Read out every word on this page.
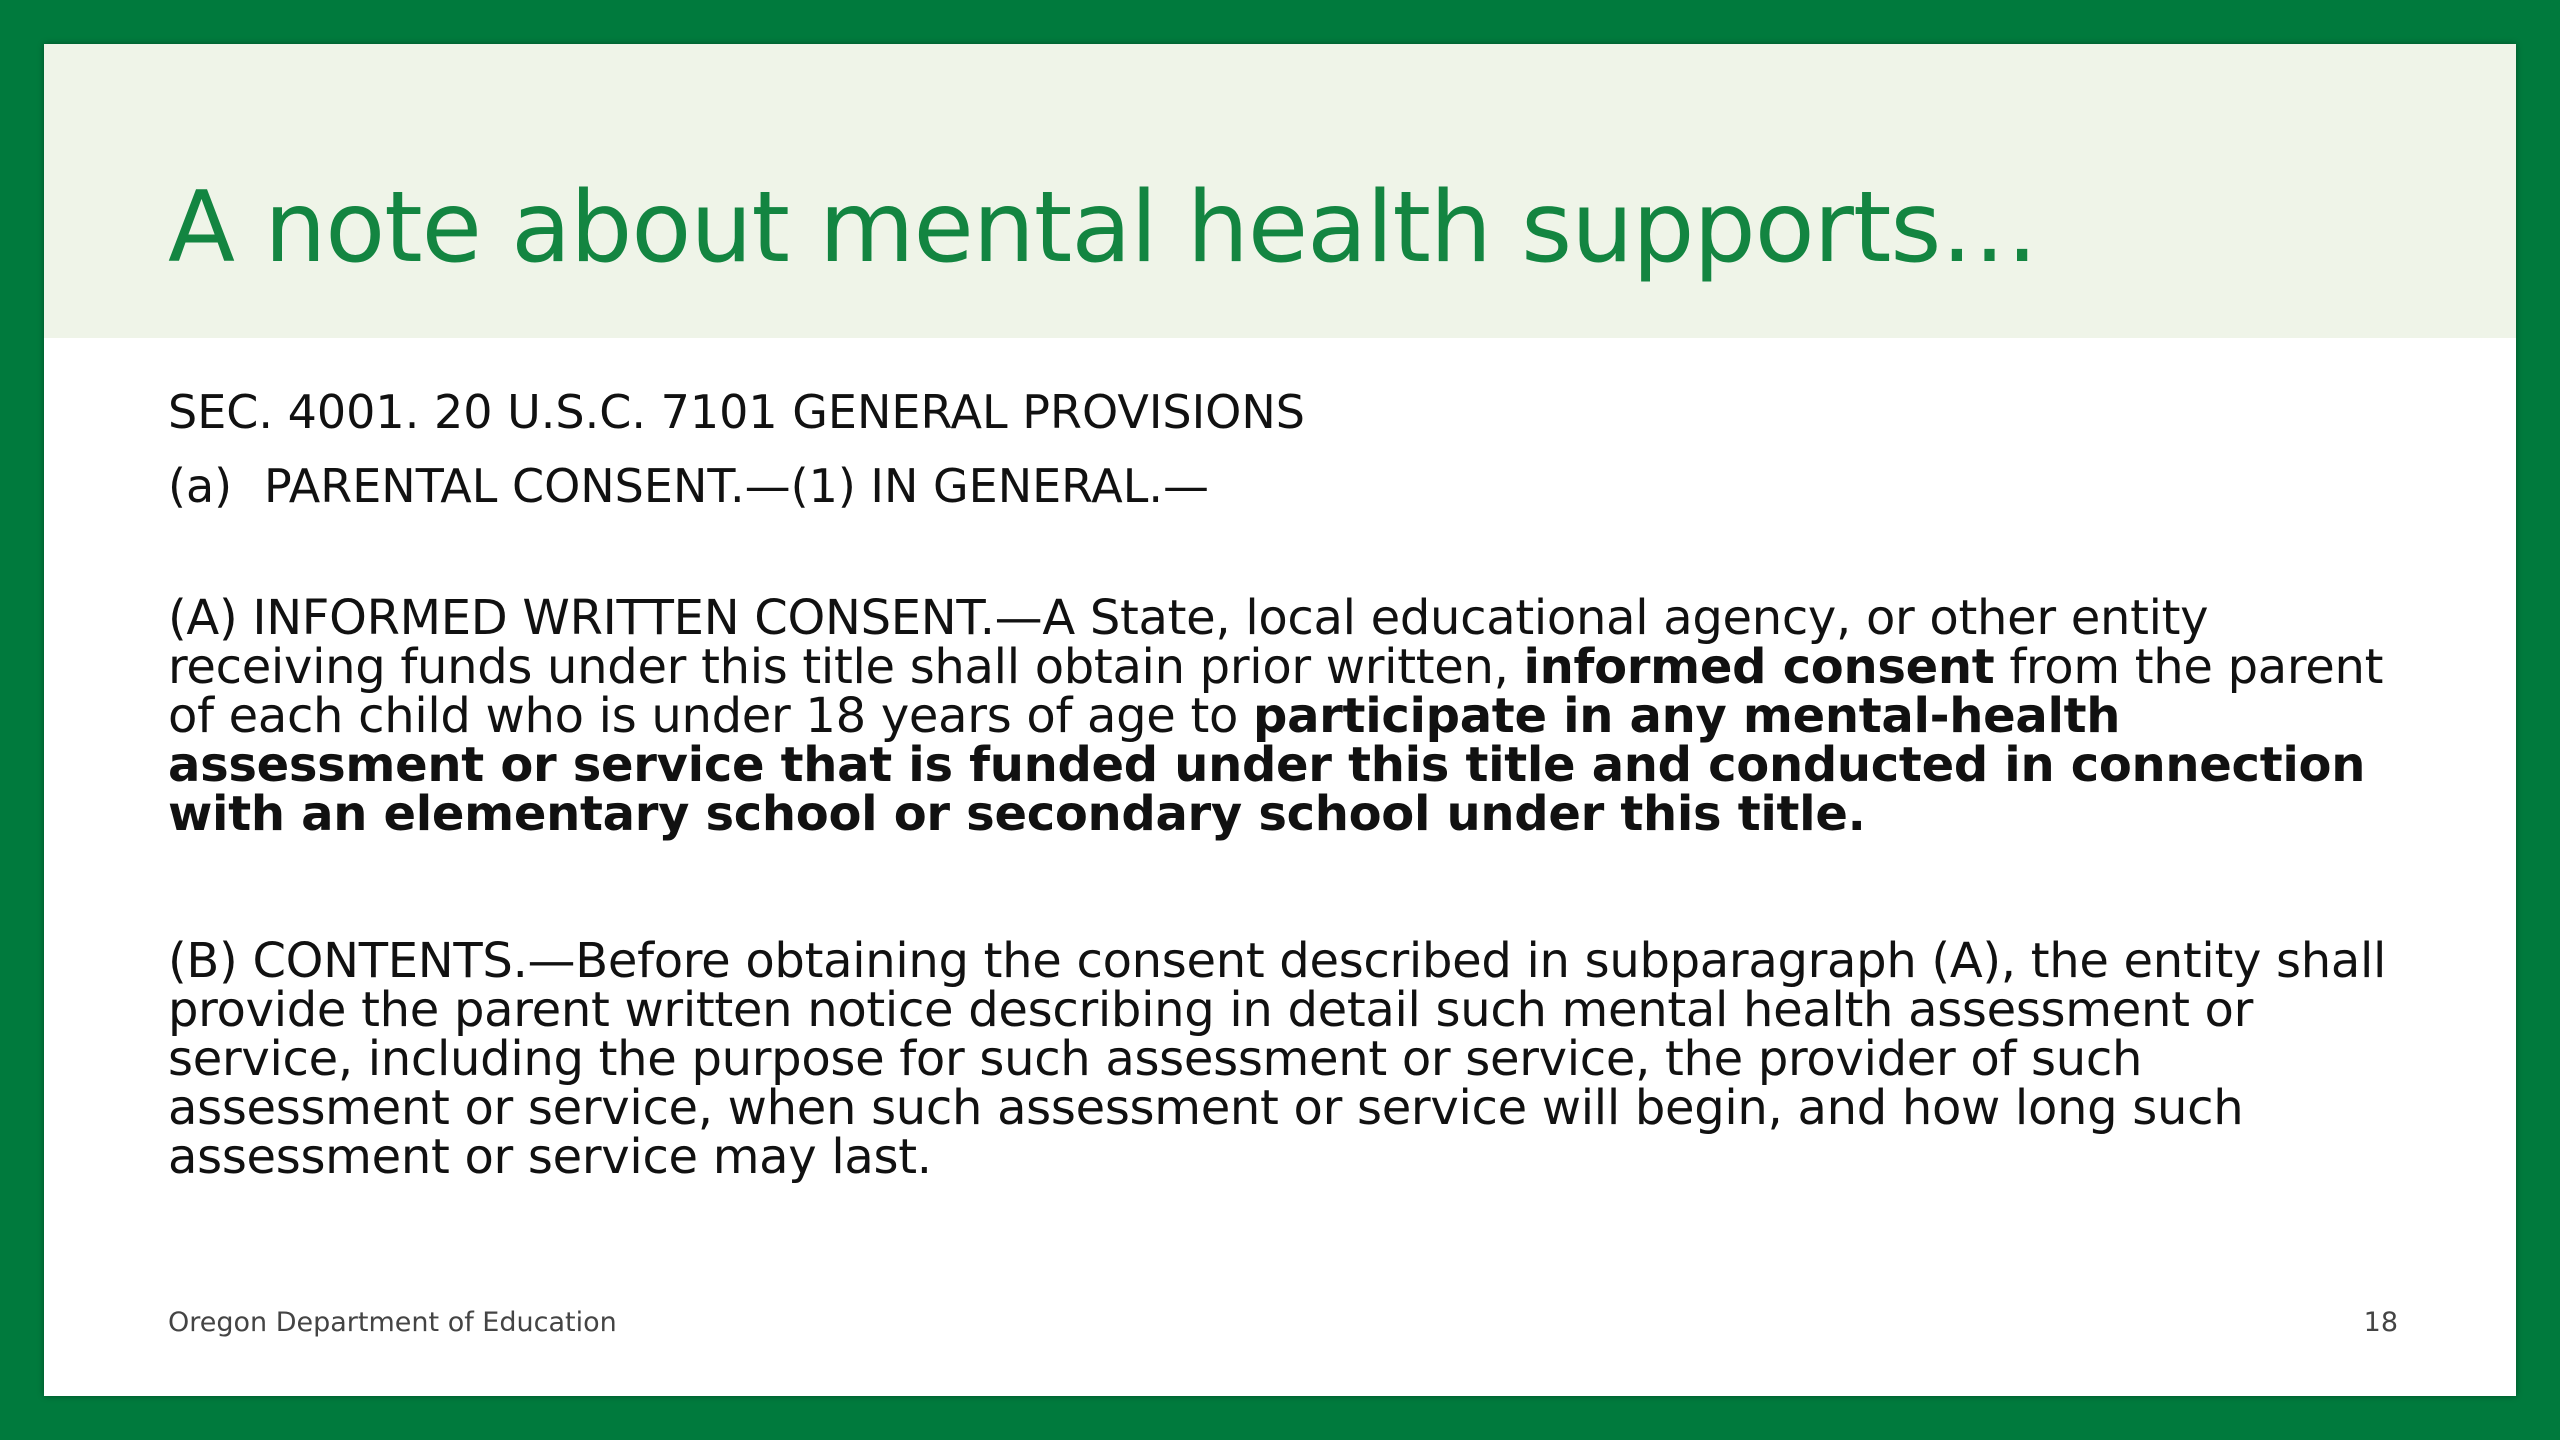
A note about mental health supports…
SEC. 4001. 20 U.S.C. 7101 GENERAL PROVISIONS
(a) PARENTAL CONSENT.—(1) IN GENERAL.—
(A) INFORMED WRITTEN CONSENT.—A State, local educational agency, or other entity receiving funds under this title shall obtain prior written, informed consent from the parent of each child who is under 18 years of age to participate in any mental-health assessment or service that is funded under this title and conducted in connection with an elementary school or secondary school under this title.
(B) CONTENTS.—Before obtaining the consent described in subparagraph (A), the entity shall provide the parent written notice describing in detail such mental health assessment or service, including the purpose for such assessment or service, the provider of such assessment or service, when such assessment or service will begin, and how long such assessment or service may last.
Oregon Department of Education	18
